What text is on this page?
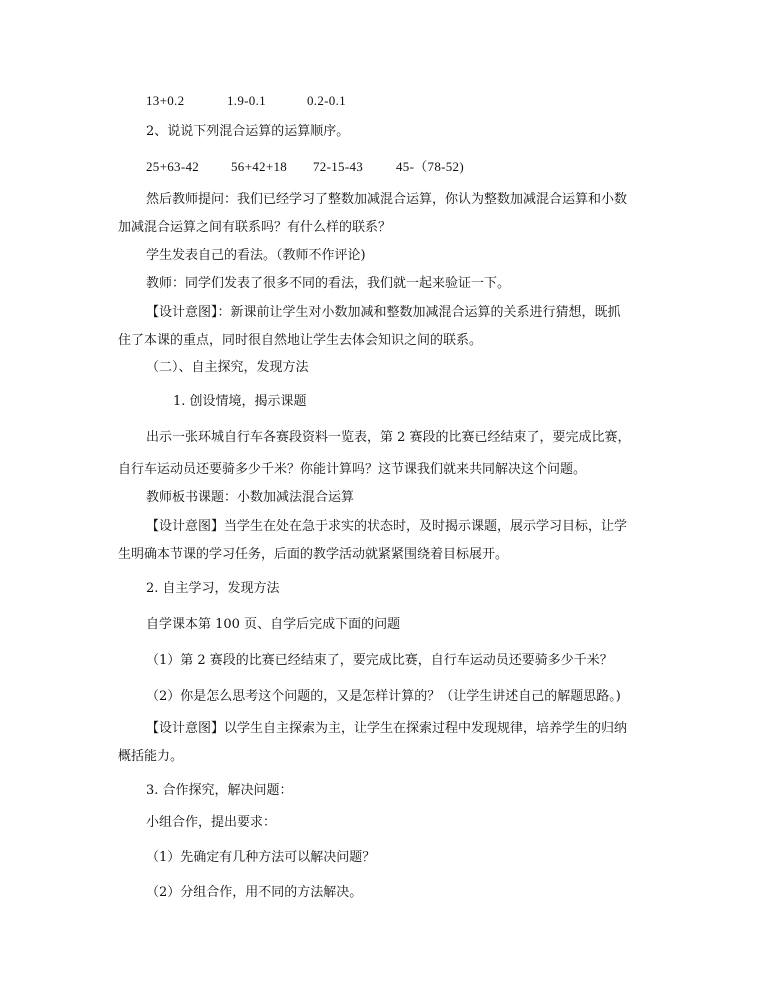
13+0.2	1.9-0.1	0.2-0.1
2、说说下列混合运算的运算顺序。
25+63-42 56+42+18 72-15-43	45-（78-52)
然后教师提问：我们已经学习了整数加减混合运算，你认为整数加减混合运算和小数
加减混合运算之间有联系吗？有什么样的联系？
学生发表自己的看法。（教师不作评论)
教师：同学们发表了很多不同的看法，我们就一起来验证一下。
【设计意图】：新课前让学生对小数加减和整数加减混合运算的关系进行猜想，既抓
住了本课的重点，同时很自然地让学生去体会知识之间的联系。
（二）、自主探究，发现方法
1. 创设情境，揭示课题
出示一张环城自行车各赛段资料一览表，第 2 赛段的比赛已经结束了，要完成比赛，
自行车运动员还要骑多少千米？你能计算吗？这节课我们就来共同解决这个问题。
教师板书课题：小数加减法混合运算
【设计意图】当学生在处在急于求实的状态时，及时揭示课题，展示学习目标，让学
生明确本节课的学习任务，后面的教学活动就紧紧围绕着目标展开。
2. 自主学习，发现方法
自学课本第 100 页、自学后完成下面的问题
（1）第 2 赛段的比赛已经结束了，要完成比赛，自行车运动员还要骑多少千米？
（2）你是怎么思考这个问题的，又是怎样计算的？（让学生讲述自己的解题思路。)
【设计意图】以学生自主探索为主，让学生在探索过程中发现规律，培养学生的归纳
概括能力。
3. 合作探究，解决问题：
小组合作，提出要求：
（1）先确定有几种方法可以解决问题？
（2）分组合作，用不同的方法解决。
